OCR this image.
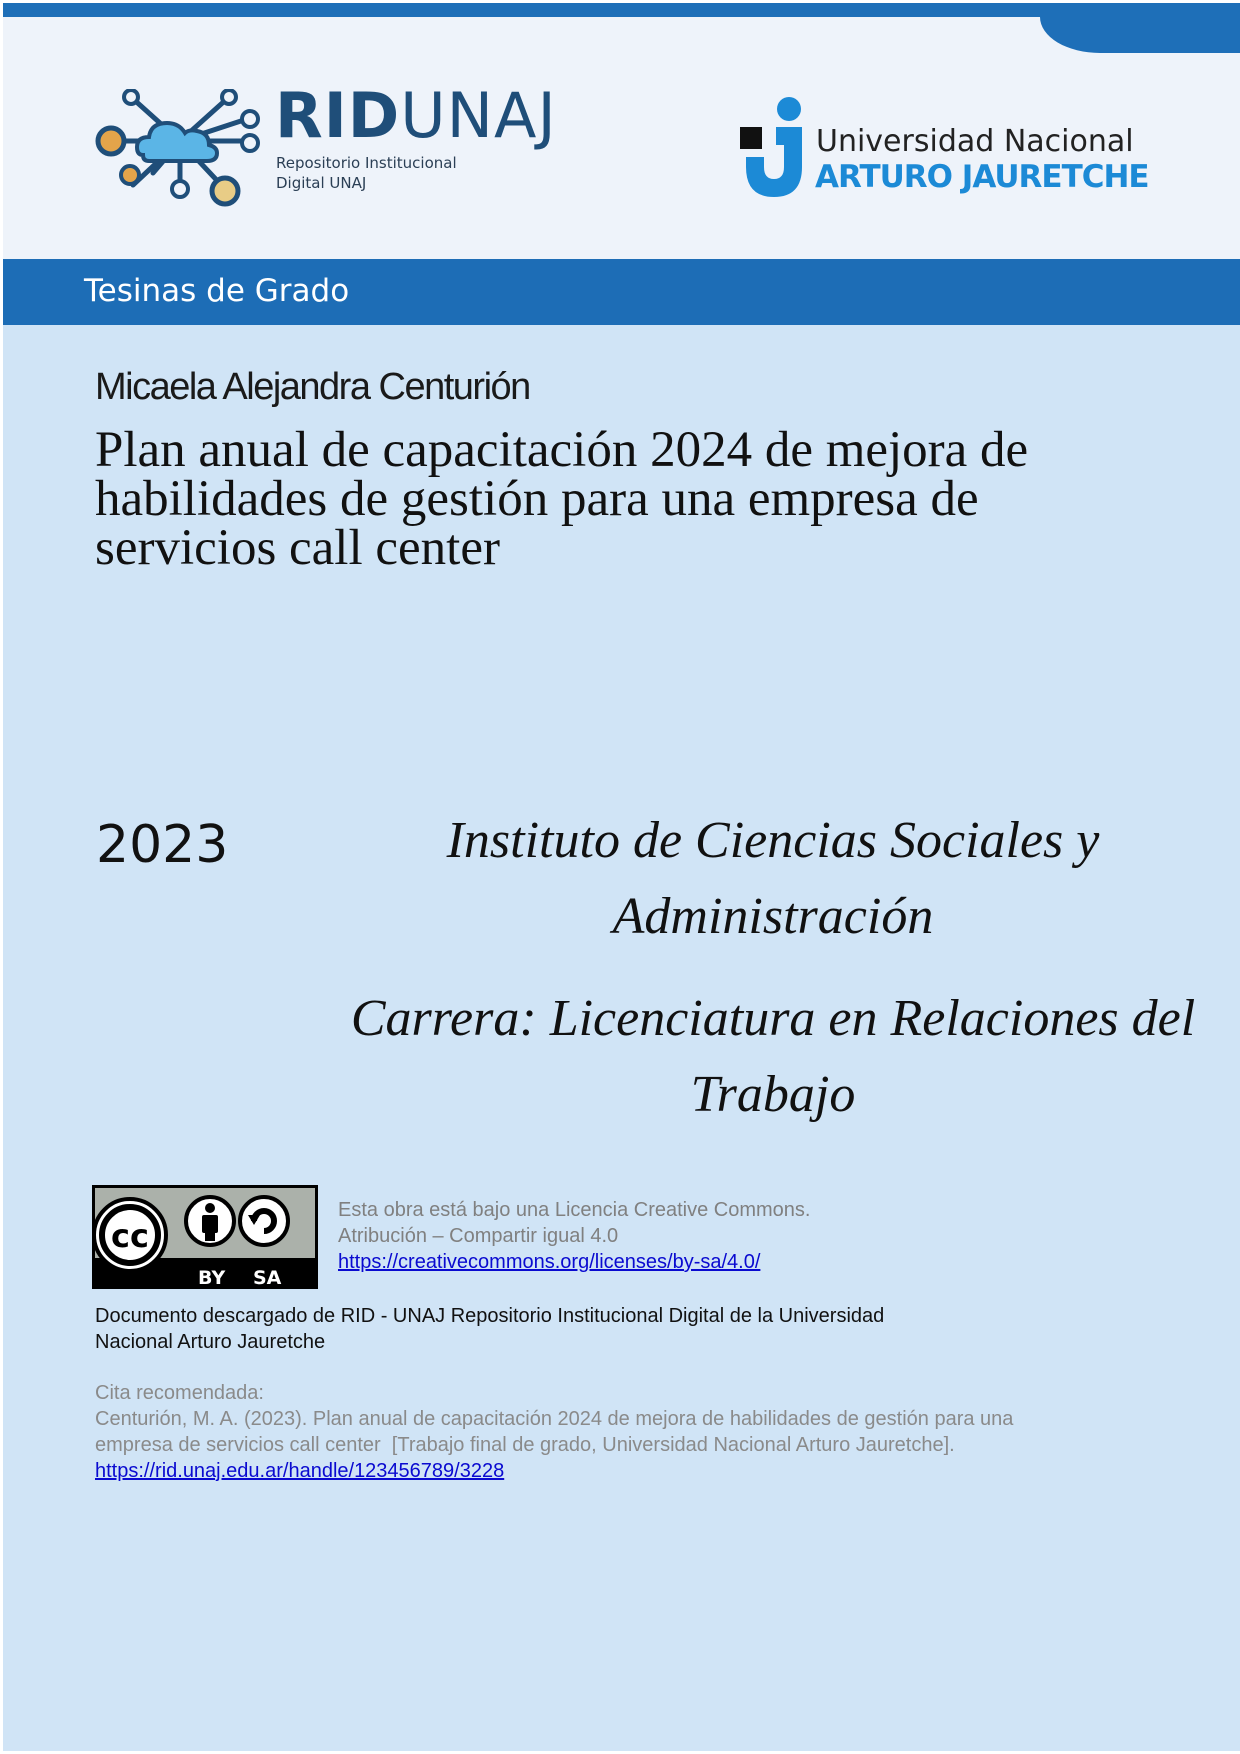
RIDUNAJ
Repositorio Institucional
Digital UNAJ
Universidad Nacional
ARTURO JAURETCHE
Tesinas de Grado
Micaela Alejandra Centurión
Plan anual de capacitación 2024 de mejora de
habilidades de gestión para una empresa de
servicios call center
2023	Instituto de Ciencias Sociales y
Administración
Carrera: Licenciatura en Relaciones del
Trabajo
cc
BY SA
Esta obra está bajo una Licencia Creative Commons.
Atribución – Compartir igual 4.0
https://creativecommons.org/licenses/by-sa/4.0/
Documento descargado de RID - UNAJ Repositorio Institucional Digital de la Universidad
Nacional Arturo Jauretche
Cita recomendada:
Centurión, M. A. (2023). Plan anual de capacitación 2024 de mejora de habilidades de gestión para una
empresa de servicios call center  [Trabajo final de grado, Universidad Nacional Arturo Jauretche].
https://rid.unaj.edu.ar/handle/123456789/3228
